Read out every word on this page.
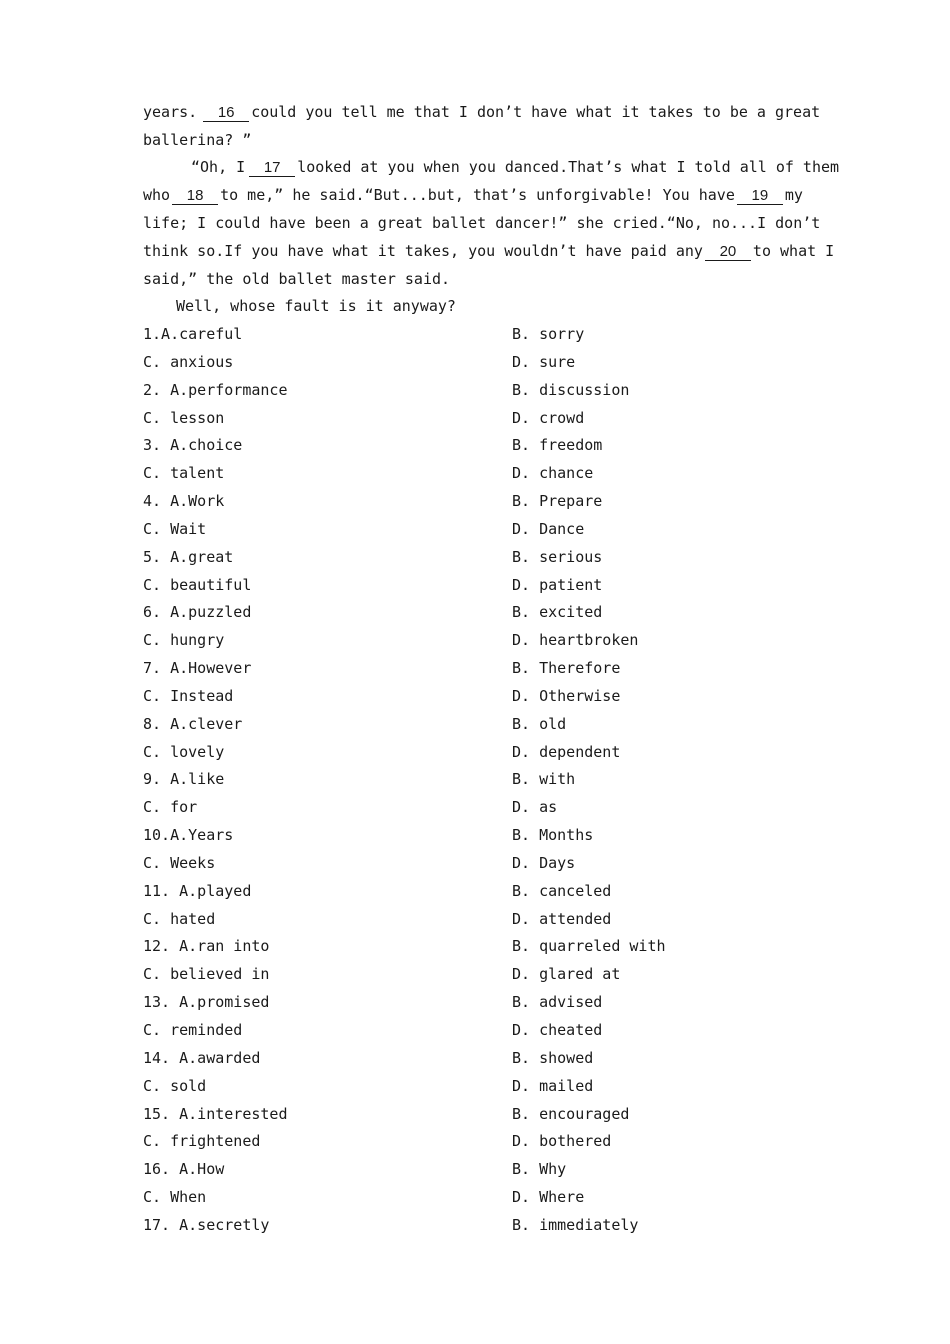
years. 16 could you tell me that I don’t have what it takes to be a great
ballerina? ”
“Oh, I 17 looked at you when you danced.That’s what I told all of them
who 18 to me,” he said.“But...but, that’s unforgivable! You have 19 my
life; I could have been a great ballet dancer!” she cried.“No, no...I don’t
think so.If you have what it takes, you wouldn’t have paid any 20 to what I
said,” the old ballet master said.
Well, whose fault is it anyway?
1.A.careful	B. sorry
C. anxious	D. sure
2. A.performance	B. discussion
C. lesson	D. crowd
3. A.choice	B. freedom
C. talent	D. chance
4. A.Work	B. Prepare
C. Wait	D. Dance
5. A.great	B. serious
C. beautiful	D. patient
6. A.puzzled	B. excited
C. hungry	D. heartbroken
7. A.However	B. Therefore
C. Instead	D. Otherwise
8. A.clever	B. old
C. lovely	D. dependent
9. A.like	B. with
C. for	D. as
10.A.Years	B. Months
C. Weeks	D. Days
11. A.played	B. canceled
C. hated	D. attended
12. A.ran into	B. quarreled with
C. believed in	D. glared at
13. A.promised	B. advised
C. reminded	D. cheated
14. A.awarded	B. showed
C. sold	D. mailed
15. A.interested	B. encouraged
C. frightened	D. bothered
16. A.How	B. Why
C. When	D. Where
17. A.secretly	B. immediately
